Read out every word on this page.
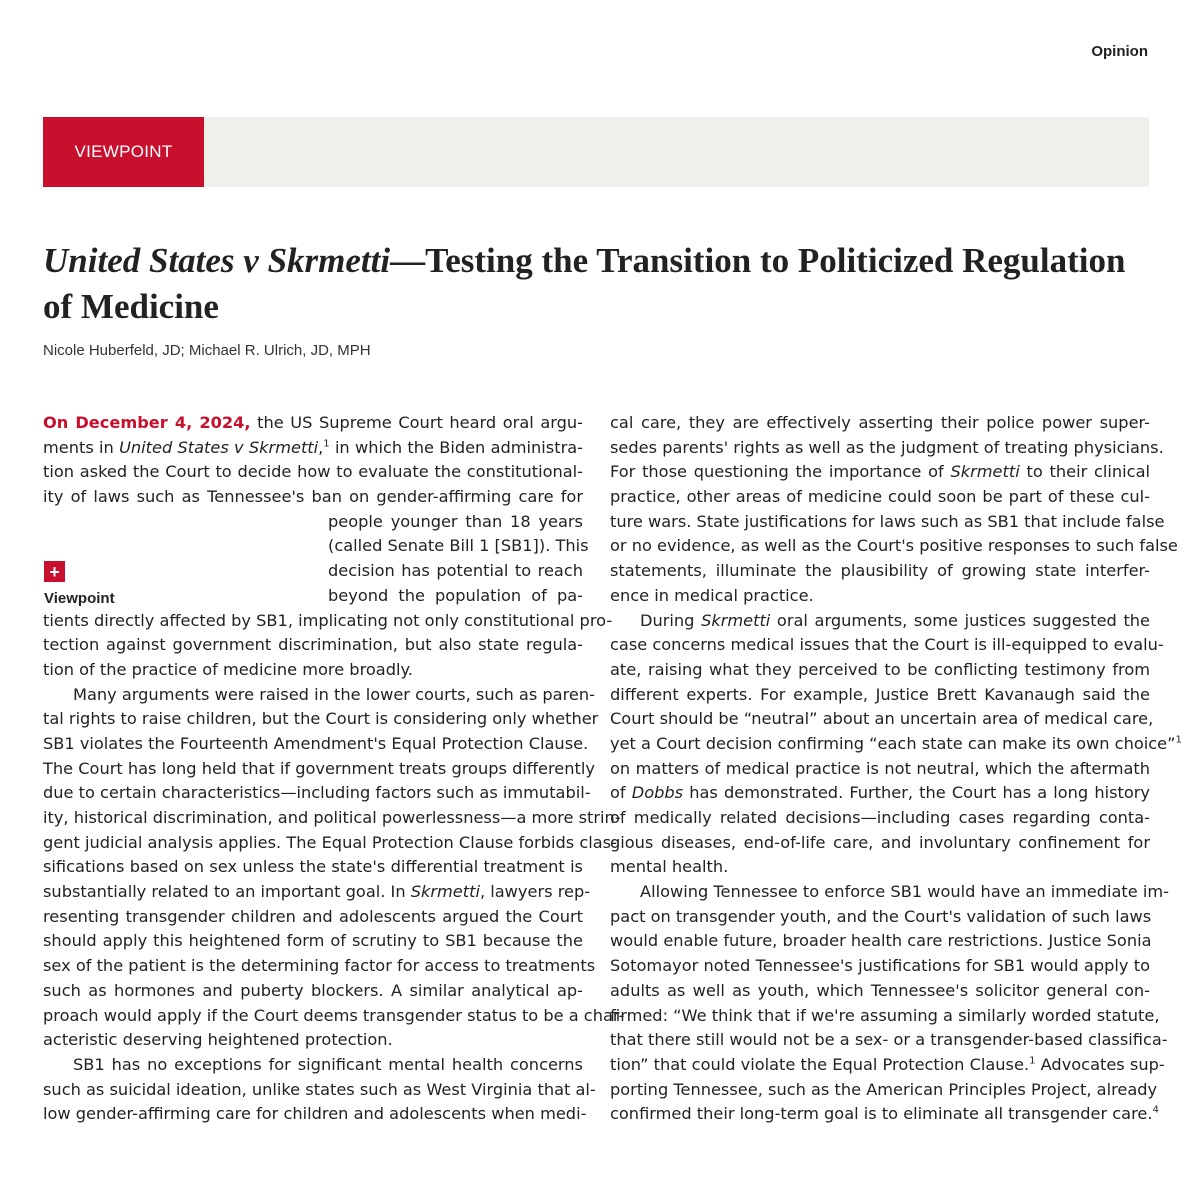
Opinion
VIEWPOINT
United States v Skrmetti—Testing the Transition to Politicized Regulation of Medicine
Nicole Huberfeld, JD; Michael R. Ulrich, JD, MPH
+
Viewpoint
On December 4, 2024, the US Supreme Court heard oral argu-
ments in United States v Skrmetti,$^1$ in which the Biden administra-
tion asked the Court to decide how to evaluate the constitutional-
ity of laws such as Tennessee's ban on gender-affirming care for
people younger than 18 years
(called Senate Bill 1 [SB1]). This
decision has potential to reach
beyond the population of pa-
tients directly affected by SB1, implicating not only constitutional pro-
tection against government discrimination, but also state regula-
tion of the practice of medicine more broadly.
Many arguments were raised in the lower courts, such as paren-
tal rights to raise children, but the Court is considering only whether
SB1 violates the Fourteenth Amendment's Equal Protection Clause.
The Court has long held that if government treats groups differently
due to certain characteristics—including factors such as immutabil-
ity, historical discrimination, and political powerlessness—a more strin-
gent judicial analysis applies. The Equal Protection Clause forbids clas-
sifications based on sex unless the state's differential treatment is
substantially related to an important goal. In Skrmetti, lawyers rep-
resenting transgender children and adolescents argued the Court
should apply this heightened form of scrutiny to SB1 because the
sex of the patient is the determining factor for access to treatments
such as hormones and puberty blockers. A similar analytical ap-
proach would apply if the Court deems transgender status to be a char-
acteristic deserving heightened protection.
SB1 has no exceptions for significant mental health concerns
such as suicidal ideation, unlike states such as West Virginia that al-
low gender-affirming care for children and adolescents when medi-
cal care, they are effectively asserting their police power super-
sedes parents' rights as well as the judgment of treating physicians.
For those questioning the importance of Skrmetti to their clinical
practice, other areas of medicine could soon be part of these cul-
ture wars. State justifications for laws such as SB1 that include false
or no evidence, as well as the Court's positive responses to such false
statements, illuminate the plausibility of growing state interfer-
ence in medical practice.
During Skrmetti oral arguments, some justices suggested the
case concerns medical issues that the Court is ill-equipped to evalu-
ate, raising what they perceived to be conflicting testimony from
different experts. For example, Justice Brett Kavanaugh said the
Court should be “neutral” about an uncertain area of medical care,
yet a Court decision confirming “each state can make its own choice”$^1$
on matters of medical practice is not neutral, which the aftermath
of Dobbs has demonstrated. Further, the Court has a long history
of medically related decisions—including cases regarding conta-
gious diseases, end-of-life care, and involuntary confinement for
mental health.
Allowing Tennessee to enforce SB1 would have an immediate im-
pact on transgender youth, and the Court's validation of such laws
would enable future, broader health care restrictions. Justice Sonia
Sotomayor noted Tennessee's justifications for SB1 would apply to
adults as well as youth, which Tennessee's solicitor general con-
firmed: “We think that if we're assuming a similarly worded statute,
that there still would not be a sex- or a transgender-based classifica-
tion” that could violate the Equal Protection Clause.$^1$ Advocates sup-
porting Tennessee, such as the American Principles Project, already
confirmed their long-term goal is to eliminate all transgender care.$^4$
